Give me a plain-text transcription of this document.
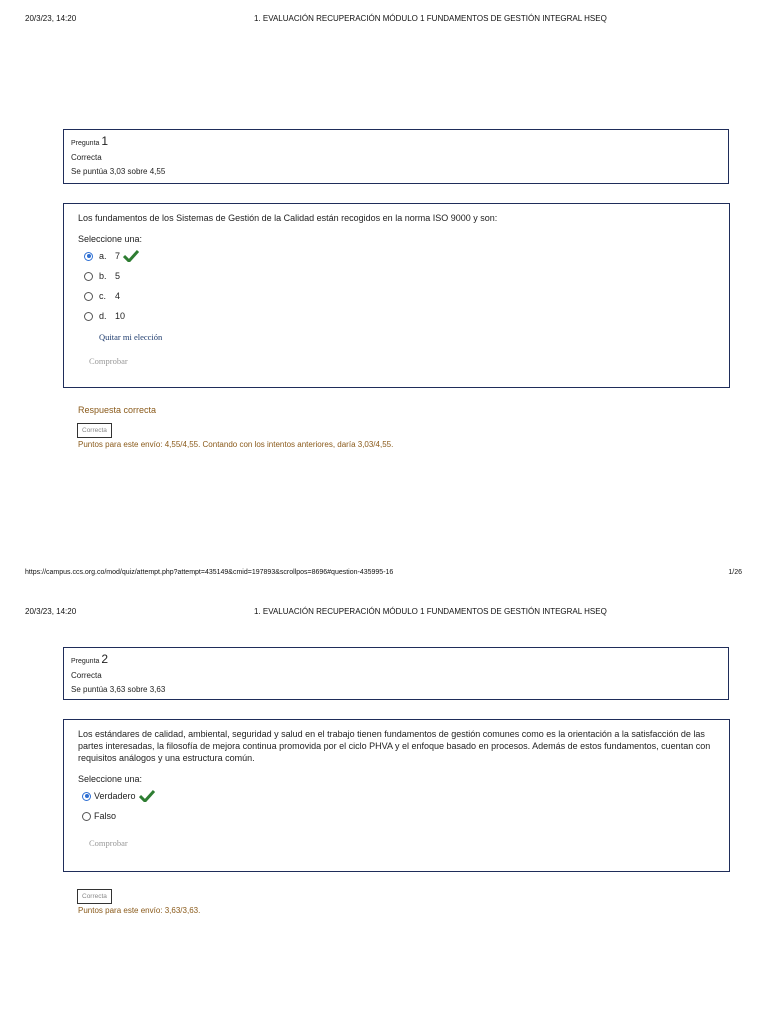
20/3/23, 14:20	1. EVALUACIÓN RECUPERACIÓN MÓDULO 1 FUNDAMENTOS DE GESTIÓN INTEGRAL HSEQ
Pregunta 1
Correcta
Se puntúa 3,03 sobre 4,55
Los fundamentos de los Sistemas de Gestión de la Calidad están recogidos en la norma ISO 9000 y son:
Seleccione una:
a. 7
b. 5
c. 4
d. 10
Quitar mi elección
Comprobar
Respuesta correcta
Correcta
Puntos para este envío: 4,55/4,55. Contando con los intentos anteriores, daría 3,03/4,55.
https://campus.ccs.org.co/mod/quiz/attempt.php?attempt=435149&cmid=197893&scrollpos=8696#question-435995-16	1/26
20/3/23, 14:20	1. EVALUACIÓN RECUPERACIÓN MÓDULO 1 FUNDAMENTOS DE GESTIÓN INTEGRAL HSEQ
Pregunta 2
Correcta
Se puntúa 3,63 sobre 3,63
Los estándares de calidad, ambiental, seguridad y salud en el trabajo tienen fundamentos de gestión comunes como es la orientación a la satisfacción de las partes interesadas, la filosofía de mejora continua promovida por el ciclo PHVA y el enfoque basado en procesos. Además de estos fundamentos, cuentan con requisitos análogos y una estructura común.
Seleccione una:
Verdadero
Falso
Comprobar
Correcta
Puntos para este envío: 3,63/3,63.
